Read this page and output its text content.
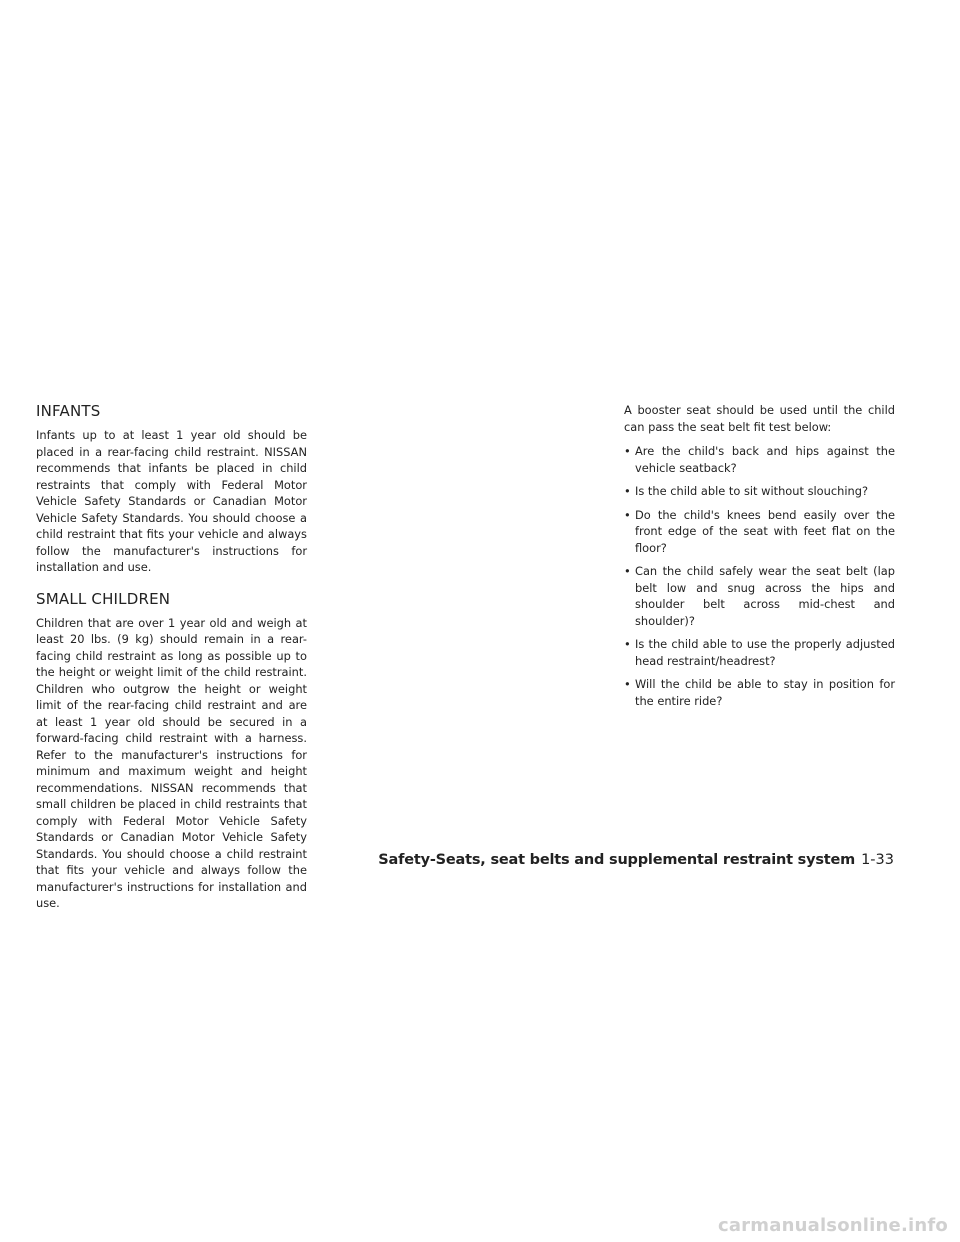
INFANTS

Infants up to at least 1 year old should be placed in a rear-facing child restraint. NISSAN recommends that infants be placed in child restraints that comply with Federal Motor Vehicle Safety Standards or Canadian Motor Vehicle Safety Standards. You should choose a child restraint that fits your vehicle and always follow the manufacturer's instructions for installation and use.

SMALL CHILDREN

Children that are over 1 year old and weigh at least 20 lbs. (9 kg) should remain in a rear-facing child restraint as long as possible up to the height or weight limit of the child restraint. Children who outgrow the height or weight limit of the rear-facing child restraint and are at least 1 year old should be secured in a forward-facing child restraint with a harness. Refer to the manufacturer's instructions for minimum and maximum weight and height recommendations. NISSAN recommends that small children be placed in child restraints that comply with Federal Motor Vehicle Safety Standards or Canadian Motor Vehicle Safety Standards. You should choose a child restraint that fits your vehicle and always follow the manufacturer's instructions for installation and use.

A booster seat should be used until the child can pass the seat belt fit test below:

• Are the child's back and hips against the vehicle seatback?
• Is the child able to sit without slouching?
• Do the child's knees bend easily over the front edge of the seat with feet flat on the floor?
• Can the child safely wear the seat belt (lap belt low and snug across the hips and shoulder belt across mid-chest and shoulder)?
• Is the child able to use the properly adjusted head restraint/headrest?
• Will the child be able to stay in position for the entire ride?
Safety-Seats, seat belts and supplemental restraint system 1-33
carmanualsonline.info
